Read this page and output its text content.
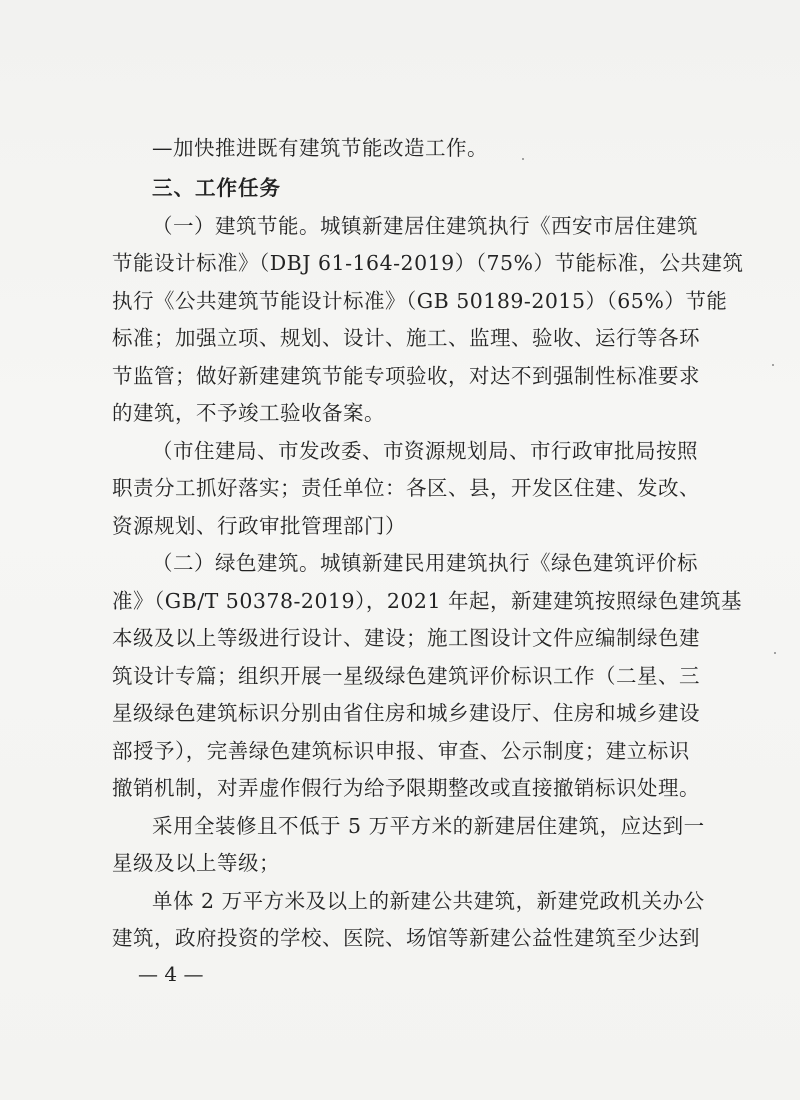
—加快推进既有建筑节能改造工作。
三、工作任务
（一）建筑节能。城镇新建居住建筑执行《西安市居住建筑
节能设计标准》（DBJ 61-164-2019）（75%）节能标准，公共建筑
执行《公共建筑节能设计标准》（GB 50189-2015）（65%）节能
标准；加强立项、规划、设计、施工、监理、验收、运行等各环
节监管；做好新建建筑节能专项验收，对达不到强制性标准要求
的建筑，不予竣工验收备案。
（市住建局、市发改委、市资源规划局、市行政审批局按照
职责分工抓好落实；责任单位：各区、县，开发区住建、发改、
资源规划、行政审批管理部门）
（二）绿色建筑。城镇新建民用建筑执行《绿色建筑评价标
准》（GB/T 50378-2019），2021 年起，新建建筑按照绿色建筑基
本级及以上等级进行设计、建设；施工图设计文件应编制绿色建
筑设计专篇；组织开展一星级绿色建筑评价标识工作（二星、三
星级绿色建筑标识分别由省住房和城乡建设厅、住房和城乡建设
部授予），完善绿色建筑标识申报、审查、公示制度；建立标识
撤销机制，对弄虚作假行为给予限期整改或直接撤销标识处理。
采用全装修且不低于 5 万平方米的新建居住建筑，应达到一
星级及以上等级；
单体 2 万平方米及以上的新建公共建筑，新建党政机关办公
建筑，政府投资的学校、医院、场馆等新建公益性建筑至少达到
— 4 —
